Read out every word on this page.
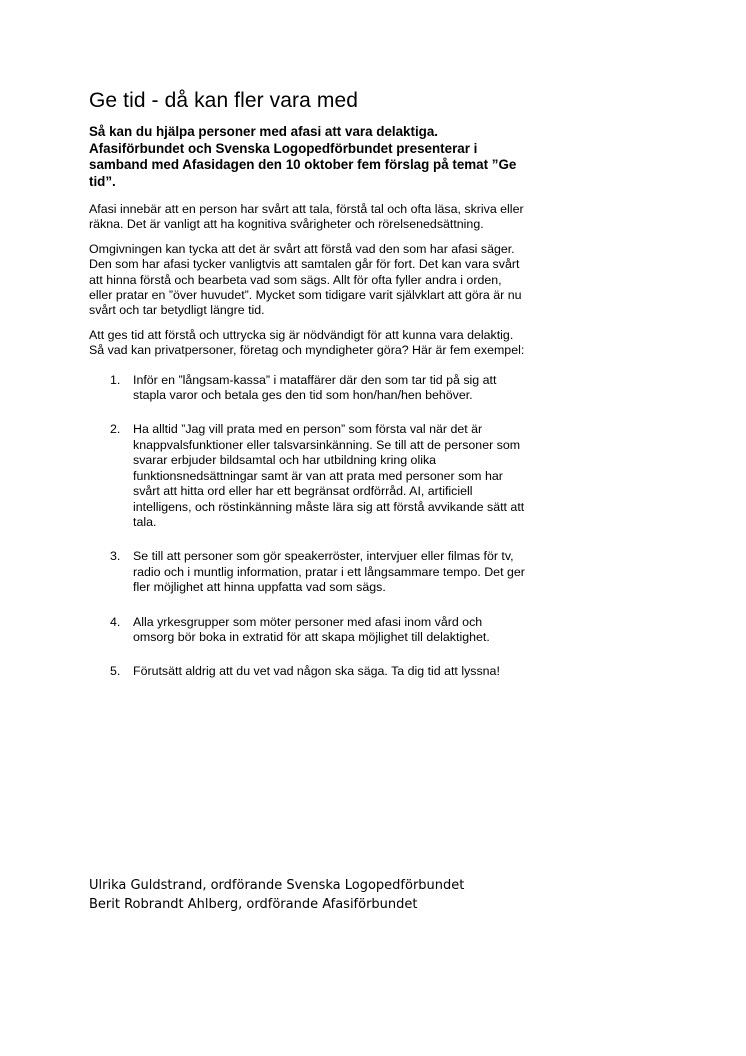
Ge tid - då kan fler vara med

Så kan du hjälpa personer med afasi att vara delaktiga. Afasiförbundet och Svenska Logopedförbundet presenterar i samband med Afasidagen den 10 oktober fem förslag på temat ”Ge tid”.

Afasi innebär att en person har svårt att tala, förstå tal och ofta läsa, skriva eller räkna. Det är vanligt att ha kognitiva svårigheter och rörelsenedsättning.

Omgivningen kan tycka att det är svårt att förstå vad den som har afasi säger. Den som har afasi tycker vanligtvis att samtalen går för fort. Det kan vara svårt att hinna förstå och bearbeta vad som sägs. Allt för ofta fyller andra i orden, eller pratar en ”över huvudet”. Mycket som tidigare varit självklart att göra är nu svårt och tar betydligt längre tid.

Att ges tid att förstå och uttrycka sig är nödvändigt för att kunna vara delaktig. Så vad kan privatpersoner, företag och myndigheter göra? Här är fem exempel:

1. Inför en ”långsam-kassa” i mataffärer där den som tar tid på sig att stapla varor och betala ges den tid som hon/han/hen behöver.
2. Ha alltid ”Jag vill prata med en person” som första val när det är knappvalsfunktioner eller talsvarsinkänning. Se till att de personer som svarar erbjuder bildsamtal och har utbildning kring olika funktionsnedsättningar samt är van att prata med personer som har svårt att hitta ord eller har ett begränsat ordförråd. AI, artificiell intelligens, och röstinkänning måste lära sig att förstå avvikande sätt att tala.
3. Se till att personer som gör speakerröster, intervjuer eller filmas för tv, radio och i muntlig information, pratar i ett långsammare tempo. Det ger fler möjlighet att hinna uppfatta vad som sägs.
4. Alla yrkesgrupper som möter personer med afasi inom vård och omsorg bör boka in extratid för att skapa möjlighet till delaktighet.
5. Förutsätt aldrig att du vet vad någon ska säga. Ta dig tid att lyssna!
Ulrika Guldstrand, ordförande Svenska Logopedförbundet
Berit Robrandt Ahlberg, ordförande Afasiförbundet
